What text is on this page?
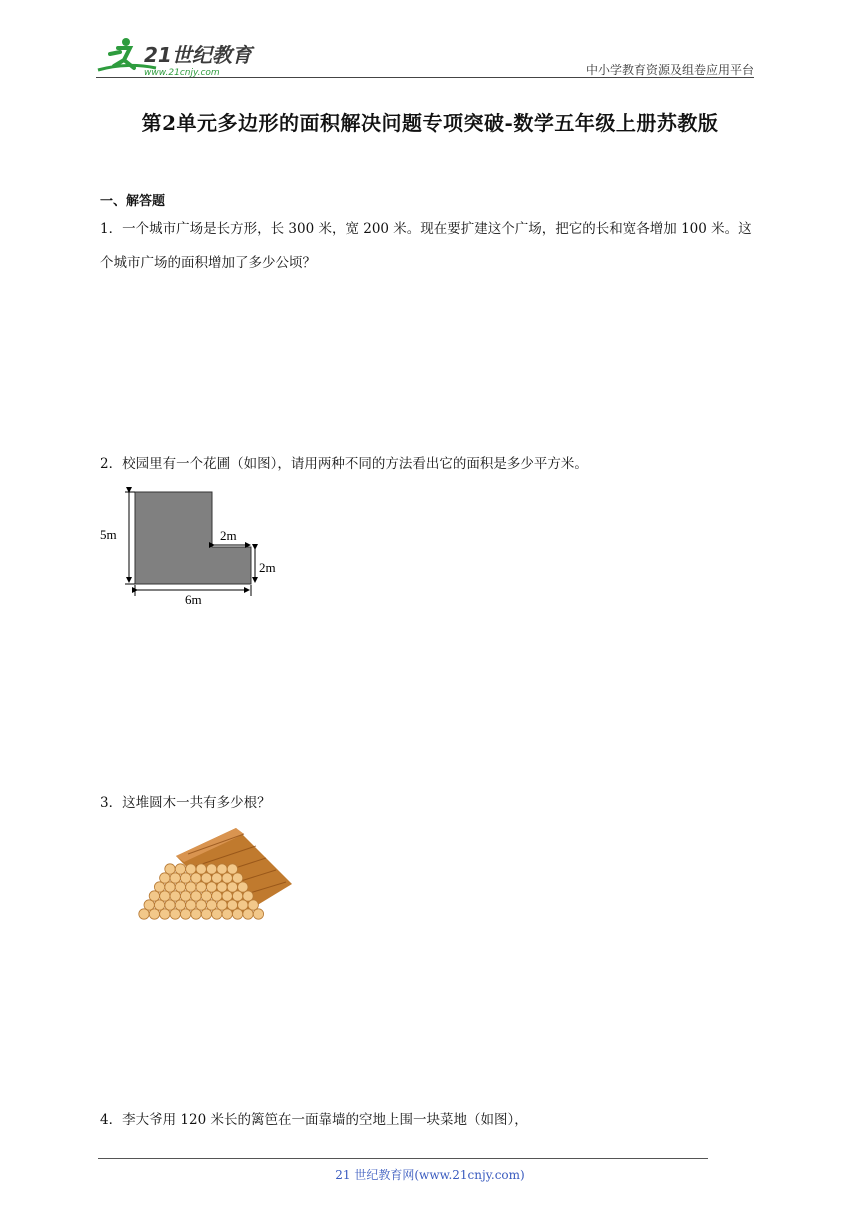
21世纪教育
www.21cnjy.com	中小学教育资源及组卷应用平台
第2单元多边形的面积解决问题专项突破-数学五年级上册苏教版
一、解答题
1．一个城市广场是长方形，长 300 米，宽 200 米。现在要扩建这个广场，把它的长和宽各增加 100 米。这个城市广场的面积增加了多少公顷？
2．校园里有一个花圃（如图），请用两种不同的方法看出它的面积是多少平方米。
5m	2m
2m
6m
3．这堆圆木一共有多少根？
4．李大爷用 120 米长的篱笆在一面靠墙的空地上围一块菜地（如图），
21 世纪教育网(www.21cnjy.com)
